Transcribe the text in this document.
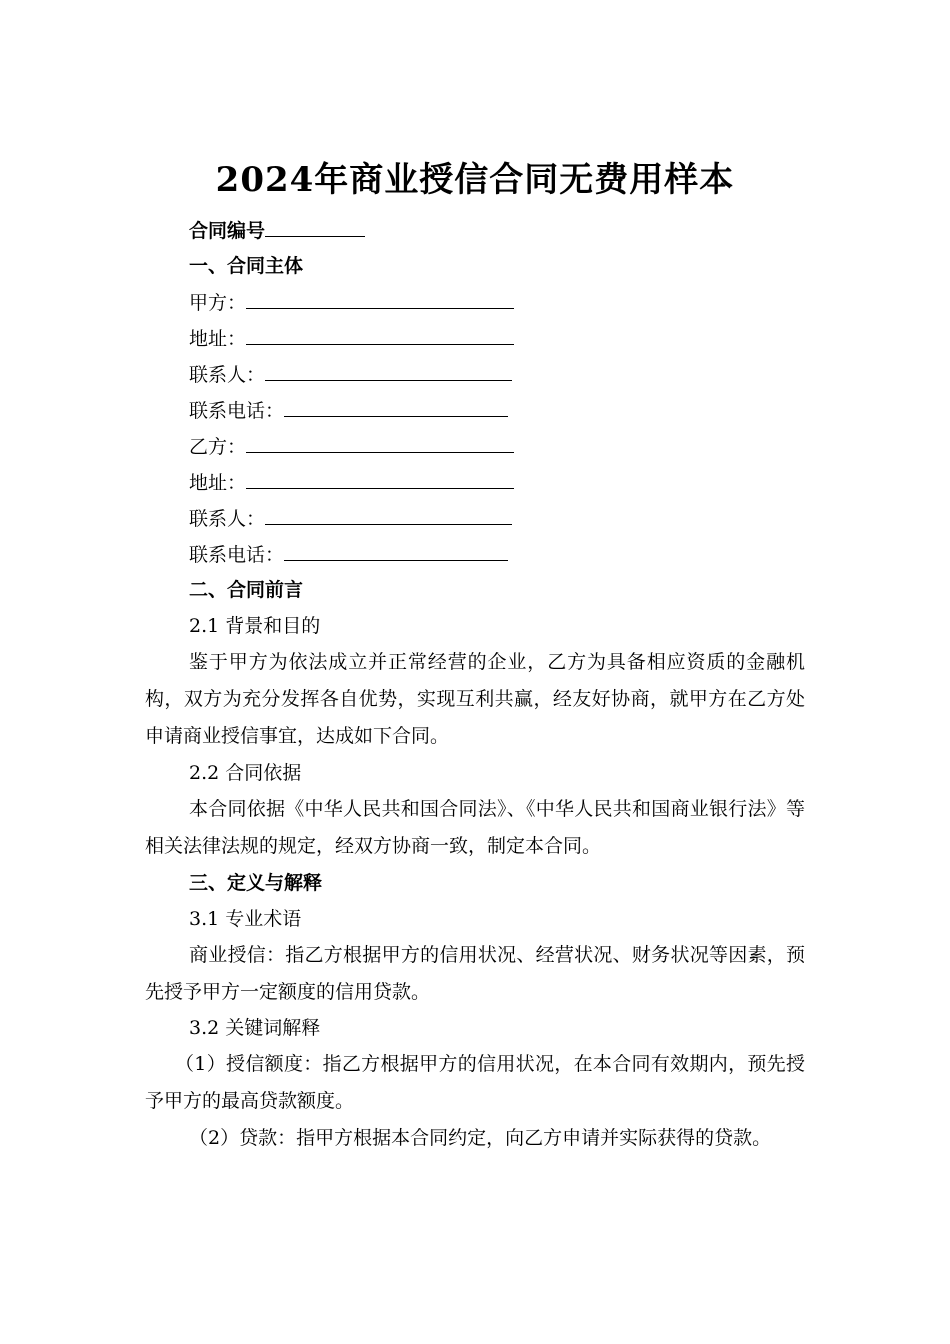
2024年商业授信合同无费用样本
合同编号
一、合同主体
甲方：
地址：
联系人：
联系电话：
乙方：
地址：
联系人：
联系电话：
二、合同前言
2.1 背景和目的
鉴于甲方为依法成立并正常经营的企业，乙方为具备相应资质的金融机构，双方为充分发挥各自优势，实现互利共赢，经友好协商，就甲方在乙方处申请商业授信事宜，达成如下合同。
2.2 合同依据
本合同依据《中华人民共和国合同法》、《中华人民共和国商业银行法》等相关法律法规的规定，经双方协商一致，制定本合同。
三、定义与解释
3.1 专业术语
商业授信：指乙方根据甲方的信用状况、经营状况、财务状况等因素，预先授予甲方一定额度的信用贷款。
3.2 关键词解释
（1）授信额度：指乙方根据甲方的信用状况，在本合同有效期内，预先授予甲方的最高贷款额度。
（2）贷款：指甲方根据本合同约定，向乙方申请并实际获得的贷款。
